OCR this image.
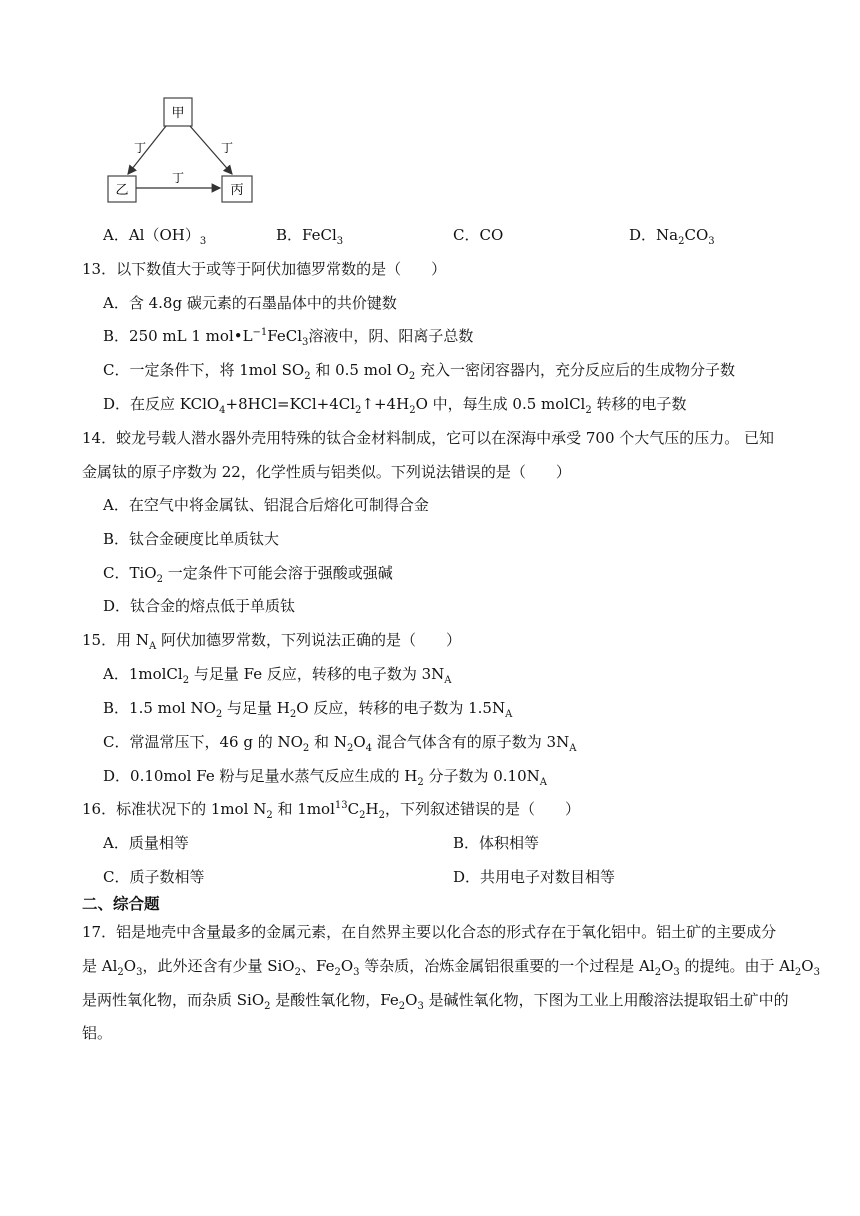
甲
乙	丙
丁	丁
丁
A．$Al(OH)_3$	B．FeCl$_3$	C．CO	D．$Na_2CO_3$
13．以下数值大于或等于阿伏加德罗常数的是（　　）
A．含 4.8g 碳元素的石墨晶体中的共价键数
B．250 mL 1 $mol•L^{-1}FeCl_3$溶液中，阴、阳离子总数
C．一定条件下，将 1mol $SO_2$ 和 0.5 mol $O_2$ 充入一密闭容器内，充分反应后的生成物分子数
D．在反应 $KClO_4+8HCl=KCl+4Cl_2↑+4H_2O$ 中，每生成 0.5 molCl$_2$ 转移的电子数
14．蛟龙号载人潜水器外壳用特殊的钛合金材料制成，它可以在深海中承受 700 个大气压的压力。 已知
金属钛的原子序数为 22，化学性质与铝类似。下列说法错误的是（　　）
A．在空气中将金属钛、铝混合后熔化可制得合金
B．钛合金硬度比单质钛大
C．TiO$_2$ 一定条件下可能会溶于强酸或强碱
D．钛合金的熔点低于单质钛
15．用 $N_A$ 阿伏加德罗常数，下列说法正确的是（　　）
A．1molCl$_2$ 与足量 Fe 反应，转移的电子数为 $3N_A$
B．1.5 mol $NO_2$ 与足量 $H_2O$ 反应，转移的电子数为 $1.5N_A$
C．常温常压下，46 g 的 $NO_2$ 和 $N_2O_4$ 混合气体含有的原子数为 $3N_A$
D．0.10mol Fe 粉与足量水蒸气反应生成的 $H_2$ 分子数为 $0.10N_A$
16．标准状况下的 1mol $N_2$ 和 $1mol^{13}C_2H_2$，下列叙述错误的是（　　）
A．质量相等	B．体积相等
C．质子数相等	D．共用电子对数目相等
二、综合题
17．铝是地壳中含量最多的金属元素，在自然界主要以化合态的形式存在于氧化铝中。铝土矿的主要成分
是 $Al_2O_3$，此外还含有少量 SiO$_2$、$Fe_2O_3$ 等杂质，冶炼金属铝很重要的一个过程是 $Al_2O_3$ 的提纯。由于 $Al_2O_3$
是两性氧化物，而杂质 SiO$_2$ 是酸性氧化物，$Fe_2O_3$ 是碱性氧化物，下图为工业上用酸溶法提取铝土矿中的
铝。
